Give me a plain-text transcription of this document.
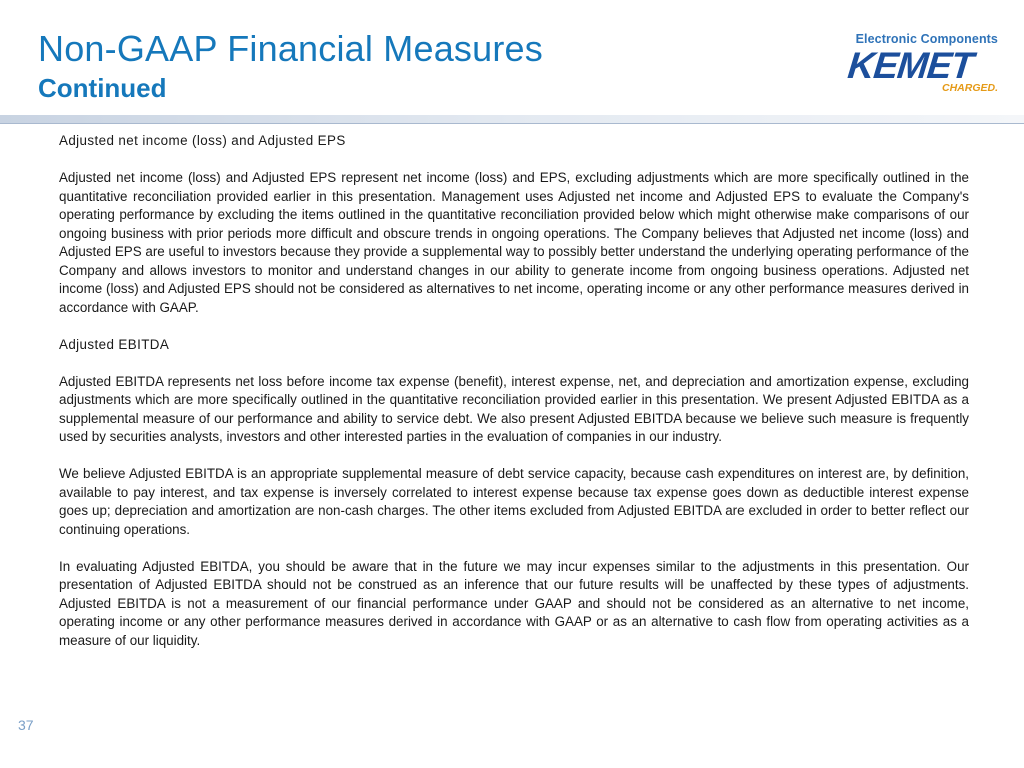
Non-GAAP Financial Measures
Continued
Electronic Components
KEMET
CHARGED.

Adjusted net income (loss) and Adjusted EPS

Adjusted net income (loss) and Adjusted EPS represent net income (loss) and EPS, excluding adjustments which are more specifically outlined in the quantitative reconciliation provided earlier in this presentation. Management uses Adjusted net income and Adjusted EPS to evaluate the Company's operating performance by excluding the items outlined in the quantitative reconciliation provided below which might otherwise make comparisons of our ongoing business with prior periods more difficult and obscure trends in ongoing operations. The Company believes that Adjusted net income (loss) and Adjusted EPS are useful to investors because they provide a supplemental way to possibly better understand the underlying operating performance of the Company and allows investors to monitor and understand changes in our ability to generate income from ongoing business operations. Adjusted net income (loss) and Adjusted EPS should not be considered as alternatives to net income, operating income or any other performance measures derived in accordance with GAAP.

Adjusted EBITDA

Adjusted EBITDA represents net loss before income tax expense (benefit), interest expense, net, and depreciation and amortization expense, excluding adjustments which are more specifically outlined in the quantitative reconciliation provided earlier in this presentation. We present Adjusted EBITDA as a supplemental measure of our performance and ability to service debt. We also present Adjusted EBITDA because we believe such measure is frequently used by securities analysts, investors and other interested parties in the evaluation of companies in our industry.

We believe Adjusted EBITDA is an appropriate supplemental measure of debt service capacity, because cash expenditures on interest are, by definition, available to pay interest, and tax expense is inversely correlated to interest expense because tax expense goes down as deductible interest expense goes up; depreciation and amortization are non-cash charges. The other items excluded from Adjusted EBITDA are excluded in order to better reflect our continuing operations.

In evaluating Adjusted EBITDA, you should be aware that in the future we may incur expenses similar to the adjustments in this presentation. Our presentation of Adjusted EBITDA should not be construed as an inference that our future results will be unaffected by these types of adjustments. Adjusted EBITDA is not a measurement of our financial performance under GAAP and should not be considered as an alternative to net income, operating income or any other performance measures derived in accordance with GAAP or as an alternative to cash flow from operating activities as a measure of our liquidity.

37
